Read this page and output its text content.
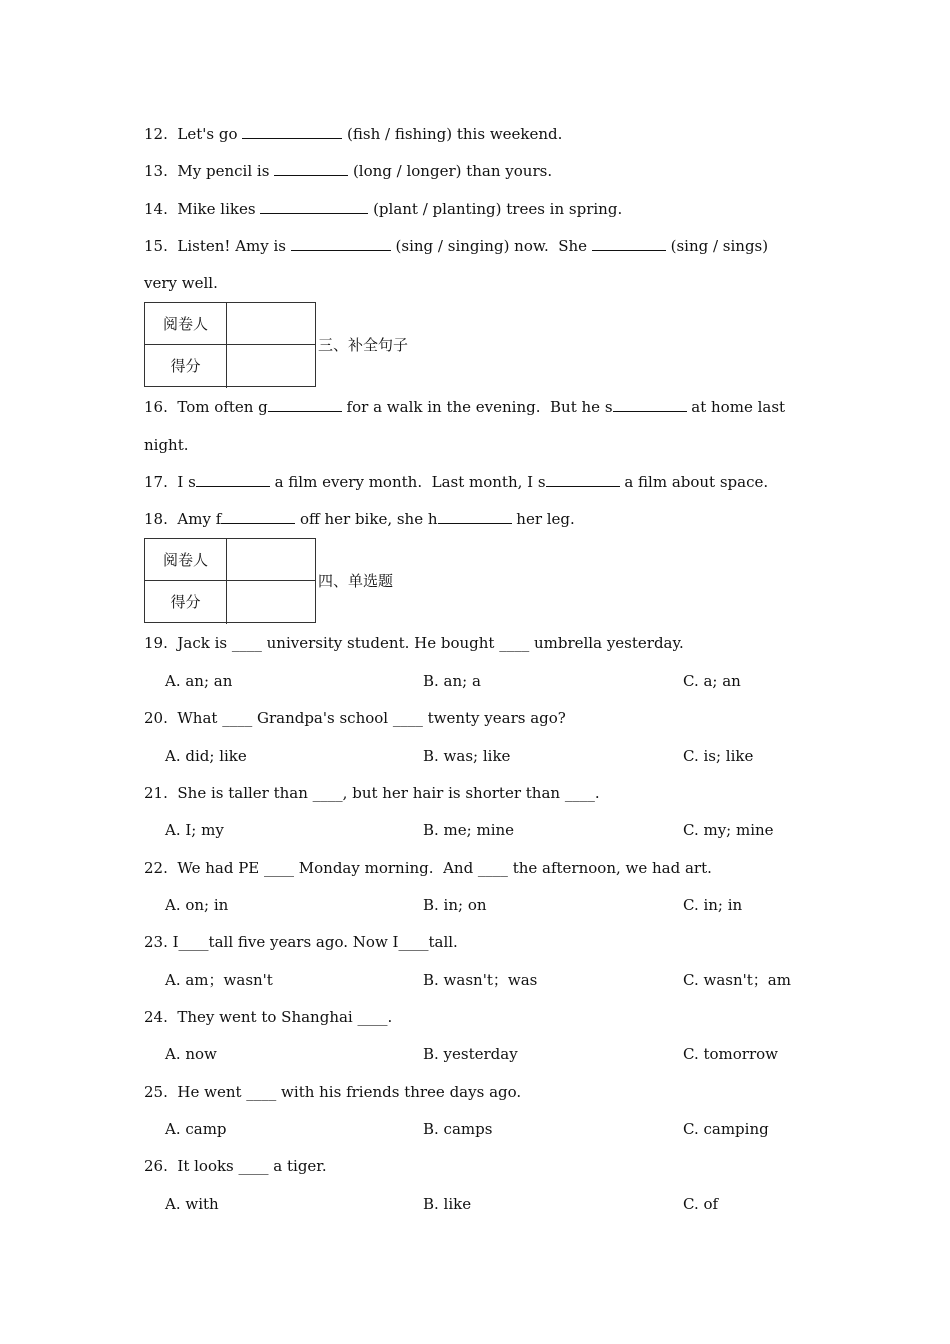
12.  Let's go	(fish / fishing) this weekend.
13.  My pencil is	(long / longer) than yours.
14.  Mike likes	(plant / planting) trees in spring.
15.  Listen! Amy is	(sing / singing) now.  She	(sing / sings)
very well.
阅卷人
得分
三、补全句子
16.  Tom often g	for a walk in the evening.  But he s	at home last
night.
17.  I s	a film every month.  Last month, I s	a film about space.
18.  Amy f	off her bike, she h	her leg.
阅卷人
得分
四、单选题
19.  Jack is ____ university student. He bought ____ umbrella yesterday.
A. an; an	B. an; a	C. a; an
20.  What ____ Grandpa's school ____ twenty years ago?
A. did; like	B. was; like	C. is; like
21.  She is taller than ____, but her hair is shorter than ____.
A. I; my	B. me; mine	C. my; mine
22.  We had PE ____ Monday morning.  And ____ the afternoon, we had art.
A. on; in	B. in; on	C. in; in
23. I____tall five years ago. Now I____tall.
A. am；wasn't	B. wasn't；was	C. wasn't；am
24.  They went to Shanghai ____.
A. now	B. yesterday	C. tomorrow
25.  He went ____ with his friends three days ago.
A. camp	B. camps	C. camping
26.  It looks ____ a tiger.
A. with	B. like	C. of
